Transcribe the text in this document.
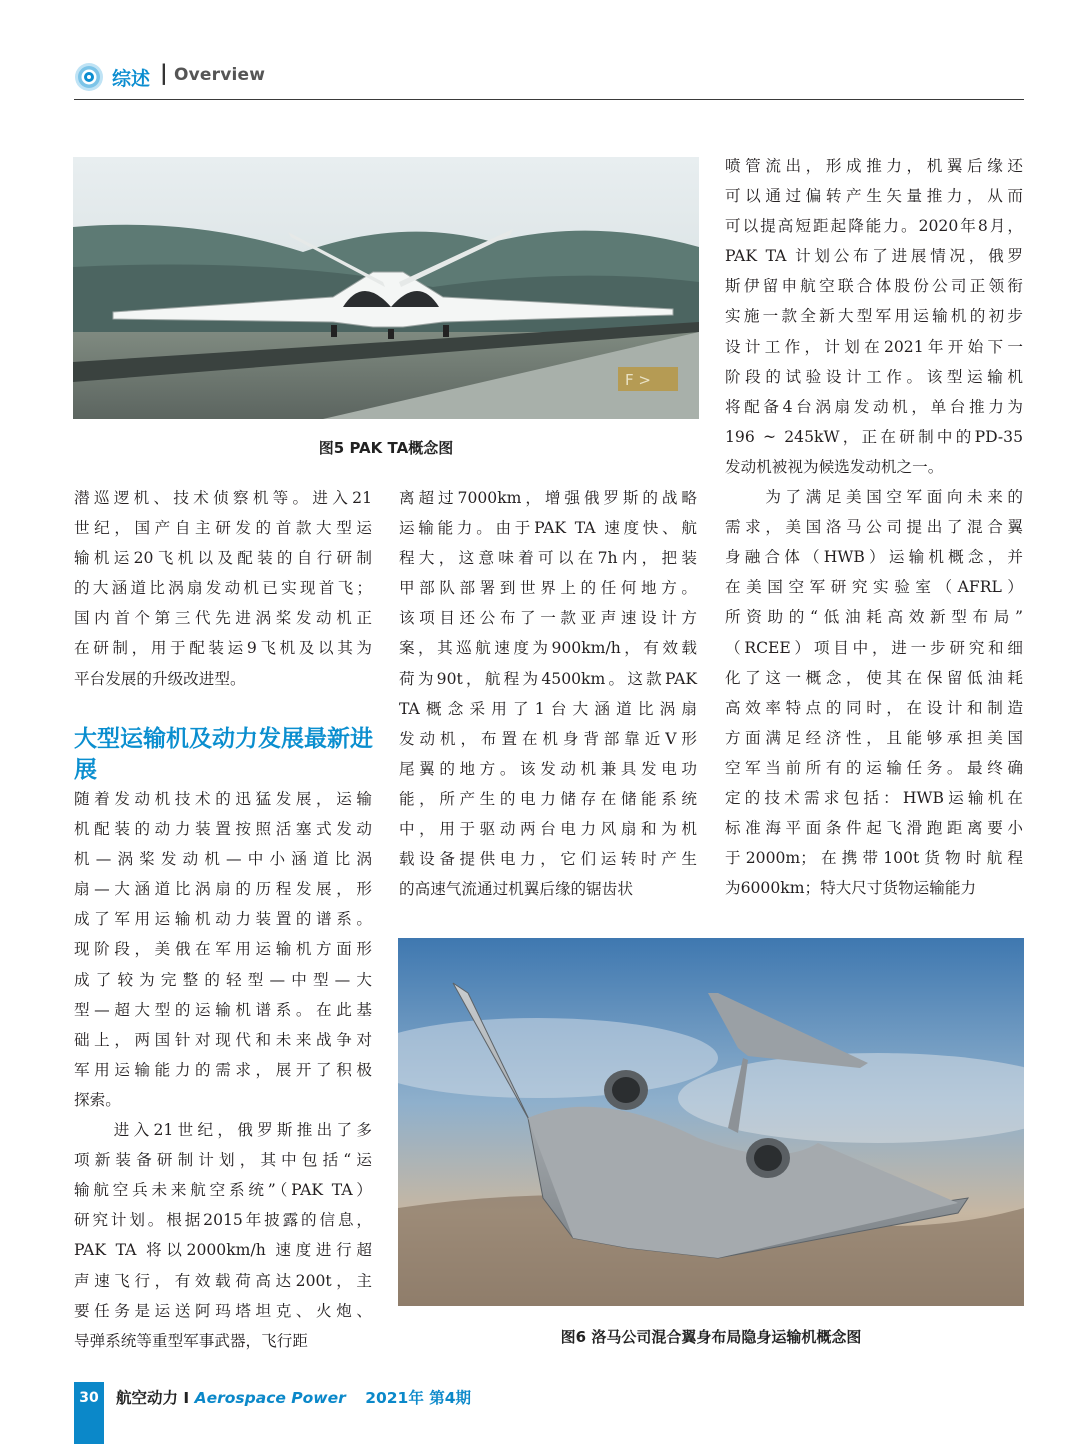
综述 | Overview
F >
图5 PAK TA概念图
潜巡逻机、技术侦察机等。进入21
世纪，国产自主研发的首款大型运
输机运20飞机以及配装的自行研制
的大涵道比涡扇发动机已实现首飞；
国内首个第三代先进涡桨发动机正
在研制，用于配装运9飞机及以其为
平台发展的升级改进型。
大型运输机及动力发展最新进展
随着发动机技术的迅猛发展，运输
机配装的动力装置按照活塞式发动
机—涡桨发动机—中小涵道比涡
扇—大涵道比涡扇的历程发展，形
成了军用运输机动力装置的谱系。
现阶段，美俄在军用运输机方面形
成了较为完整的轻型—中型—大
型—超大型的运输机谱系。在此基
础上，两国针对现代和未来战争对
军用运输能力的需求，展开了积极
探索。
　　进入21世纪，俄罗斯推出了多
项新装备研制计划，其中包括“运
输航空兵未来航空系统”（PAK TA）
研究计划。根据2015年披露的信息，
PAK TA 将以2000km/h 速度进行超
声速飞行，有效载荷高达200t，主
要任务是运送阿玛塔坦克、火炮、
导弹系统等重型军事武器，飞行距
离超过7000km，增强俄罗斯的战略
运输能力。由于PAK TA 速度快、航
程大，这意味着可以在7h内，把装
甲部队部署到世界上的任何地方。
该项目还公布了一款亚声速设计方
案，其巡航速度为900km/h，有效载
荷为90t，航程为4500km。这款PAK
TA概念采用了1台大涵道比涡扇
发动机，布置在机身背部靠近V形
尾翼的地方。该发动机兼具发电功
能，所产生的电力储存在储能系统
中，用于驱动两台电力风扇和为机
载设备提供电力，它们运转时产生
的高速气流通过机翼后缘的锯齿状
喷管流出，形成推力，机翼后缘还
可以通过偏转产生矢量推力，从而
可以提高短距起降能力。2020年8月，
PAK TA 计划公布了进展情况，俄罗
斯伊留申航空联合体股份公司正领衔
实施一款全新大型军用运输机的初步
设计工作，计划在2021年开始下一
阶段的试验设计工作。该型运输机
将配备4台涡扇发动机，单台推力为
196 ~ 245kW，正在研制中的PD-35
发动机被视为候选发动机之一。
　　为了满足美国空军面向未来的
需求，美国洛马公司提出了混合翼
身融合体（HWB）运输机概念，并
在美国空军研究实验室（AFRL）
所资助的“低油耗高效新型布局”
（RCEE）项目中，进一步研究和细
化了这一概念，使其在保留低油耗
高效率特点的同时，在设计和制造
方面满足经济性，且能够承担美国
空军当前所有的运输任务。最终确
定的技术需求包括：HWB运输机在
标准海平面条件起飞滑跑距离要小
于2000m；在携带100t货物时航程
为6000km；特大尺寸货物运输能力
图6 洛马公司混合翼身布局隐身运输机概念图
30	航空动力 I Aerospace Power 2021年 第4期
